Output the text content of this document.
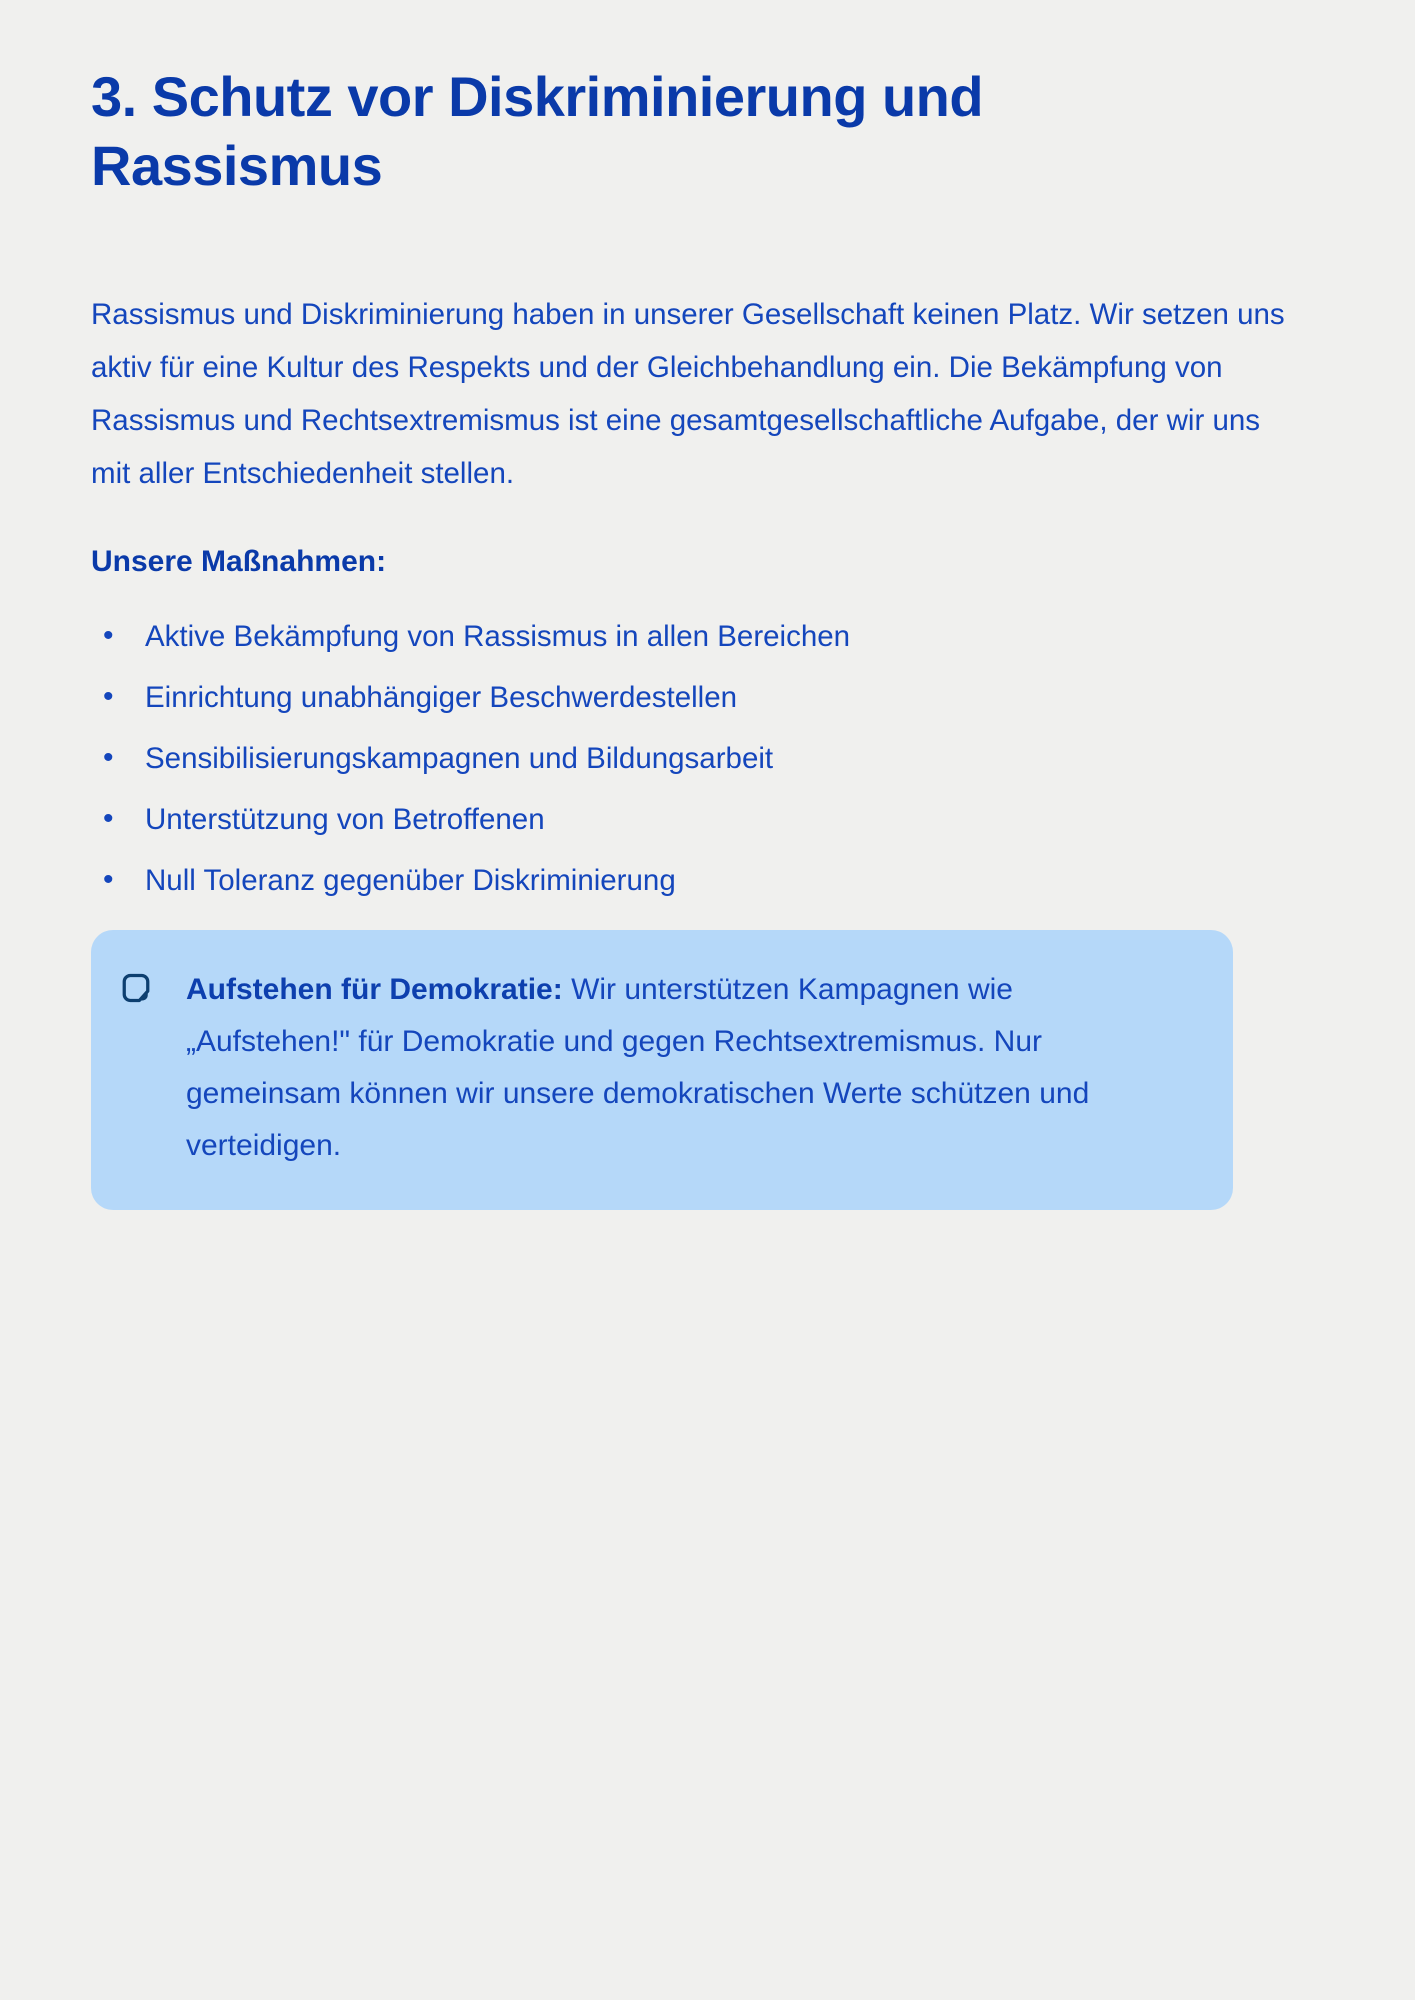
3. Schutz vor Diskriminierung und Rassismus

Rassismus und Diskriminierung haben in unserer Gesellschaft keinen Platz. Wir setzen uns aktiv für eine Kultur des Respekts und der Gleichbehandlung ein. Die Bekämpfung von Rassismus und Rechtsextremismus ist eine gesamtgesellschaftliche Aufgabe, der wir uns mit aller Entschiedenheit stellen.

Unsere Maßnahmen:
• Aktive Bekämpfung von Rassismus in allen Bereichen
• Einrichtung unabhängiger Beschwerdestellen
• Sensibilisierungskampagnen und Bildungsarbeit
• Unterstützung von Betroffenen
• Null Toleranz gegenüber Diskriminierung

Aufstehen für Demokratie: Wir unterstützen Kampagnen wie „Aufstehen!" für Demokratie und gegen Rechtsextremismus. Nur gemeinsam können wir unsere demokratischen Werte schützen und verteidigen.
